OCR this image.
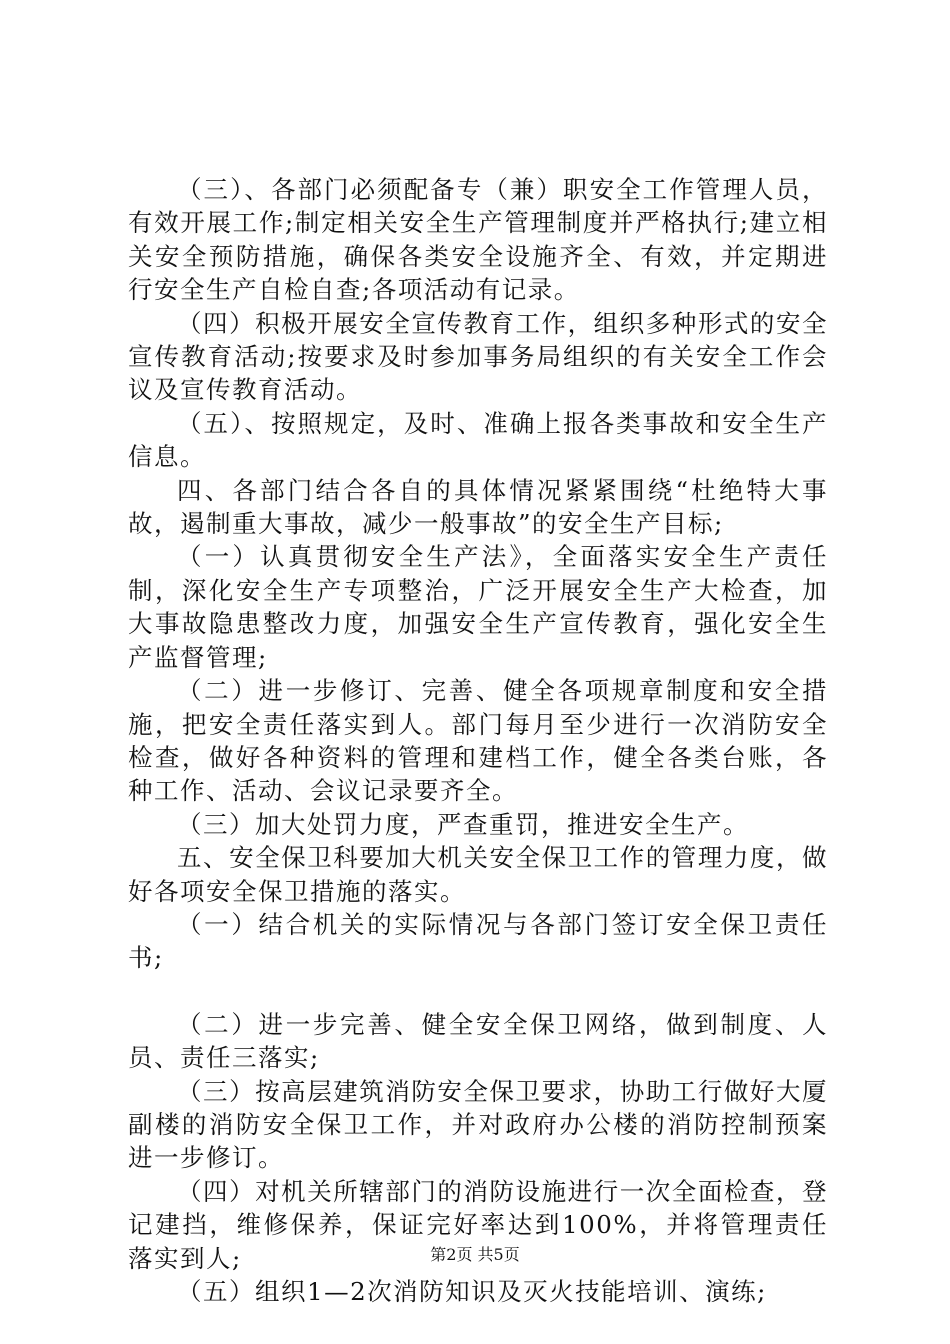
（三）、各部门必须配备专（兼）职安全工作管理人员，有效开展工作;制定相关安全生产管理制度并严格执行;建立相关安全预防措施，确保各类安全设施齐全、有效，并定期进行安全生产自检自查;各项活动有记录。

（四）积极开展安全宣传教育工作，组织多种形式的安全宣传教育活动;按要求及时参加事务局组织的有关安全工作会议及宣传教育活动。

（五）、按照规定，及时、准确上报各类事故和安全生产信息。

四、各部门结合各自的具体情况紧紧围绕“杜绝特大事故，遏制重大事故，减少一般事故”的安全生产目标;

（一）认真贯彻安全生产法》，全面落实安全生产责任制，深化安全生产专项整治，广泛开展安全生产大检查，加大事故隐患整改力度，加强安全生产宣传教育，强化安全生产监督管理;

（二）进一步修订、完善、健全各项规章制度和安全措施，把安全责任落实到人。部门每月至少进行一次消防安全检查，做好各种资料的管理和建档工作，健全各类台账，各种工作、活动、会议记录要齐全。

（三）加大处罚力度，严查重罚，推进安全生产。

五、安全保卫科要加大机关安全保卫工作的管理力度，做好各项安全保卫措施的落实。

（一）结合机关的实际情况与各部门签订安全保卫责任书;

（二）进一步完善、健全安全保卫网络，做到制度、人员、责任三落实;

（三）按高层建筑消防安全保卫要求，协助工行做好大厦副楼的消防安全保卫工作，并对政府办公楼的消防控制预案进一步修订。

（四）对机关所辖部门的消防设施进行一次全面检查，登记建挡，维修保养，保证完好率达到100%，并将管理责任落实到人;

（五）组织1—2次消防知识及灭火技能培训、演练;

第2页 共5页
